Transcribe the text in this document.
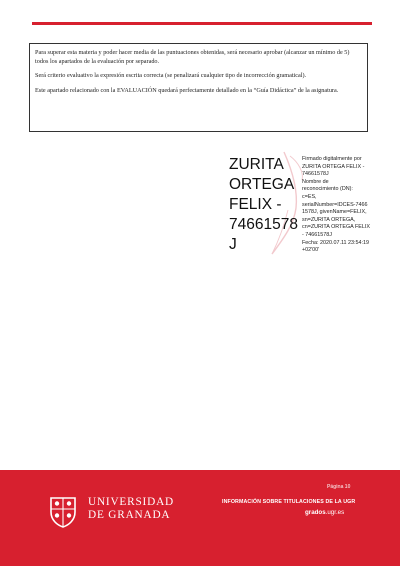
Para superar esta materia y poder hacer media de las puntuaciones obtenidas, será necesario aprobar (alcanzar un mínimo de 5) todos los apartados de la evaluación por separado.

Será criterio evaluativo la expresión escrita correcta (se penalizará cualquier tipo de incorrección gramatical).

Este apartado relacionado con la EVALUACIÓN quedará perfectamente detallado en la “Guía Didáctica” de la asignatura.

ZURITA
ORTEGA
FELIX -
74661578
J
Firmado digitalmente por
ZURITA ORTEGA FELIX -
74661578J
Nombre de
reconocimiento (DN):
c=ES,
serialNumber=IDCES-7466
1578J, givenName=FELIX,
sn=ZURITA ORTEGA,
cn=ZURITA ORTEGA FELIX
- 74661578J
Fecha: 2020.07.11 23:54:19
+02'00'
UNIVERSIDAD
DE GRANADA
Página 10
INFORMACIÓN SOBRE TITULACIONES DE LA UGR
grados.ugr.es
